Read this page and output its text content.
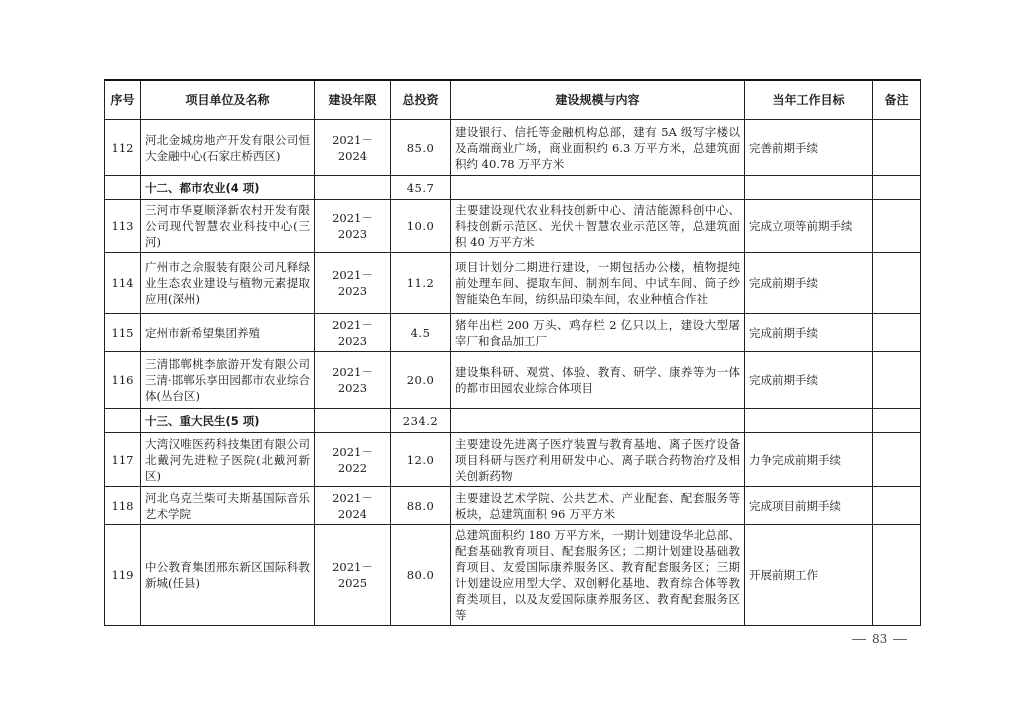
序号	项目单位及名称	建设年限	总投资	建设规模与内容	当年工作目标	备注
112	河北金城房地产开发有限公司恒大金融中心(石家庄桥西区)	2021－2024	85.0	建设银行、信托等金融机构总部，建有 5A 级写字楼以及高端商业广场，商业面积约 6.3 万平方米，总建筑面积约 40.78 万平方米	完善前期手续	
	十二、都市农业(4 项)		45.7			
113	三河市华夏顺泽新农村开发有限公司现代智慧农业科技中心(三河)	2021－2023	10.0	主要建设现代农业科技创新中心、清洁能源科创中心、科技创新示范区、光伏＋智慧农业示范区等，总建筑面积 40 万平方米	完成立项等前期手续	
114	广州市之佘服装有限公司凡释绿业生态农业建设与植物元素提取应用(深州)	2021－2023	11.2	项目计划分二期进行建设，一期包括办公楼，植物提纯前处理车间、提取车间、制剂车间、中试车间、筒子纱智能染色车间，纺织品印染车间，农业种植合作社	完成前期手续	
115	定州市新希望集团养殖	2021－2023	4.5	猪年出栏 200 万头、鸡存栏 2 亿只以上，建设大型屠宰厂和食品加工厂	完成前期手续	
116	三清邯郸桃李旅游开发有限公司三清·邯郸乐享田园都市农业综合体(丛台区)	2021－2023	20.0	建设集科研、观赏、体验、教育、研学、康养等为一体的都市田园农业综合体项目	完成前期手续	
	十三、重大民生(5 项)		234.2			
117	大湾汉唯医药科技集团有限公司北戴河先进粒子医院(北戴河新区)	2021－2022	12.0	主要建设先进离子医疗装置与教育基地、离子医疗设备项目科研与医疗利用研发中心、离子联合药物治疗及相关创新药物	力争完成前期手续	
118	河北乌克兰柴可夫斯基国际音乐艺术学院	2021－2024	88.0	主要建设艺术学院、公共艺术、产业配套、配套服务等板块，总建筑面积 96 万平方米	完成项目前期手续	
119	中公教育集团邢东新区国际科教新城(任县)	2021－2025	80.0	总建筑面积约 180 万平方米，一期计划建设华北总部、配套基础教育项目、配套服务区；二期计划建设基础教育项目、友爱国际康养服务区、教育配套服务区；三期计划建设应用型大学、双创孵化基地、教育综合体等教育类项目，以及友爱国际康养服务区、教育配套服务区等	开展前期工作	
83
